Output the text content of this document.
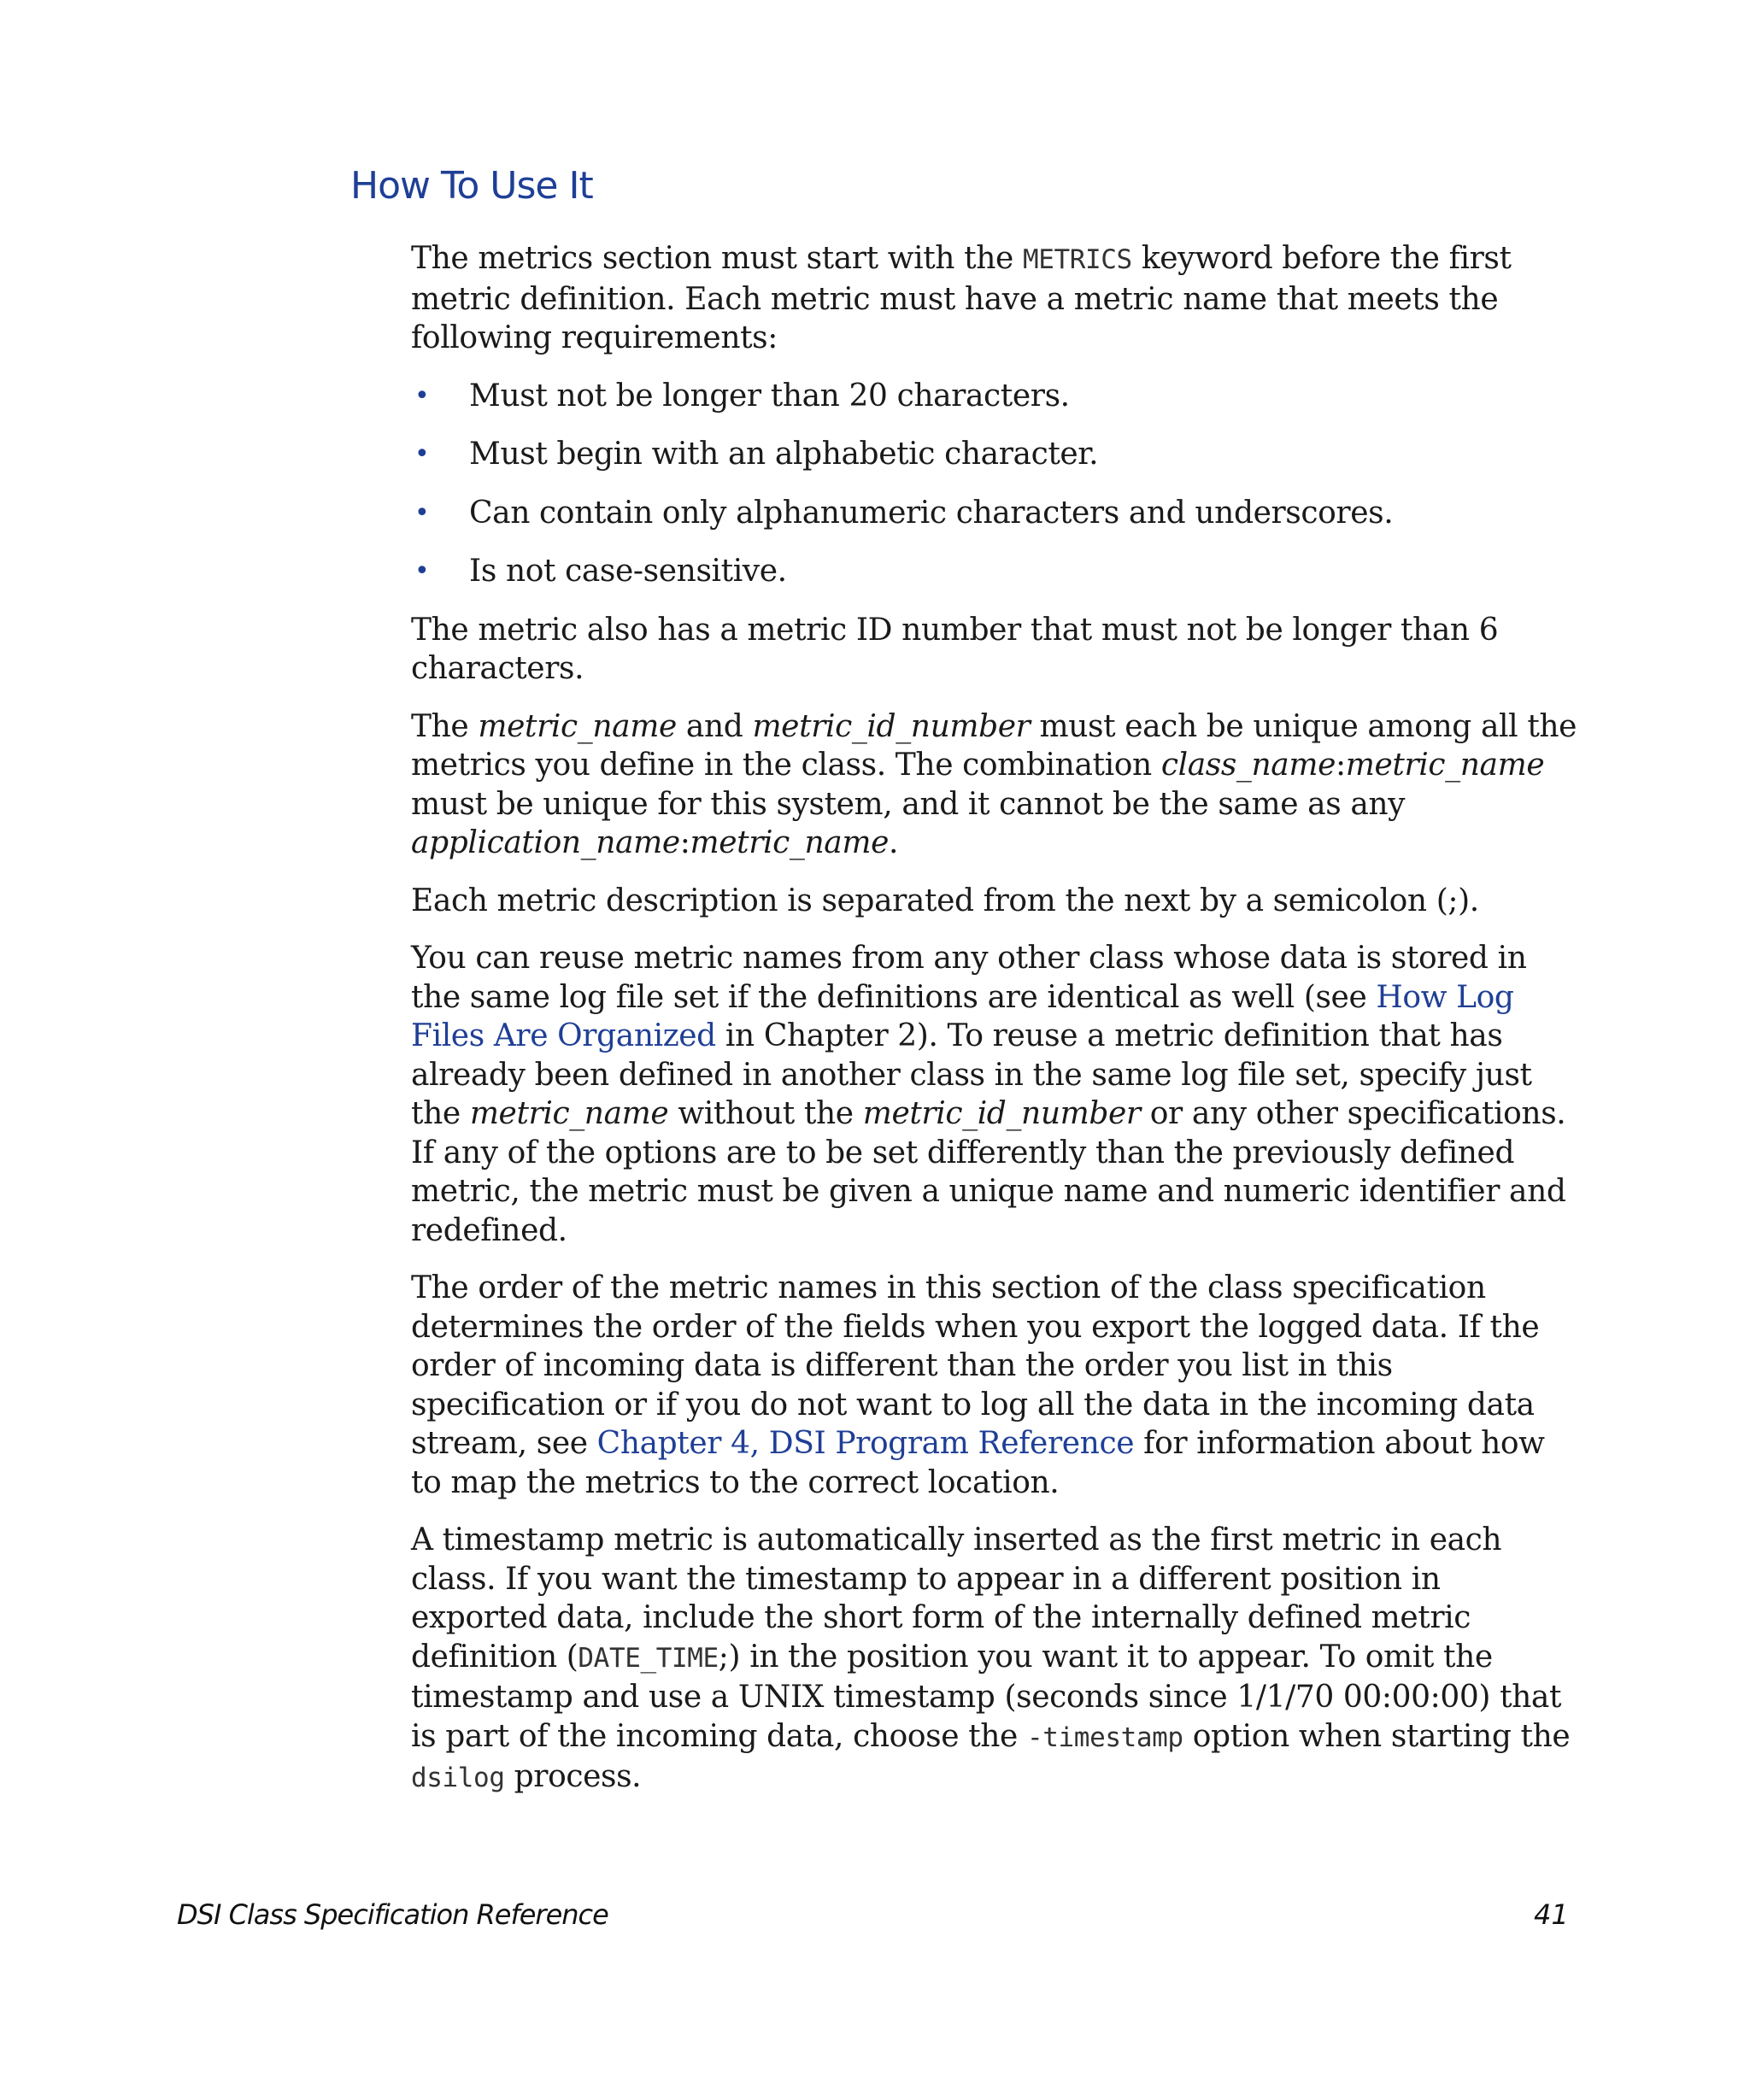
How To Use It

The metrics section must start with the METRICS keyword before the first metric definition. Each metric must have a metric name that meets the following requirements:

• Must not be longer than 20 characters.
• Must begin with an alphabetic character.
• Can contain only alphanumeric characters and underscores.
• Is not case-sensitive.

The metric also has a metric ID number that must not be longer than 6 characters.

The metric_name and metric_id_number must each be unique among all the metrics you define in the class. The combination class_name:metric_name must be unique for this system, and it cannot be the same as any application_name:metric_name.

Each metric description is separated from the next by a semicolon (;).

You can reuse metric names from any other class whose data is stored in the same log file set if the definitions are identical as well (see How Log Files Are Organized in Chapter 2). To reuse a metric definition that has already been defined in another class in the same log file set, specify just the metric_name without the metric_id_number or any other specifications. If any of the options are to be set differently than the previously defined metric, the metric must be given a unique name and numeric identifier and redefined.

The order of the metric names in this section of the class specification determines the order of the fields when you export the logged data. If the order of incoming data is different than the order you list in this specification or if you do not want to log all the data in the incoming data stream, see Chapter 4, DSI Program Reference for information about how to map the metrics to the correct location.

A timestamp metric is automatically inserted as the first metric in each class. If you want the timestamp to appear in a different position in exported data, include the short form of the internally defined metric definition (DATE_TIME;) in the position you want it to appear. To omit the timestamp and use a UNIX timestamp (seconds since 1/1/70 00:00:00) that is part of the incoming data, choose the -timestamp option when starting the dsilog process.

DSI Class Specification Reference	41
